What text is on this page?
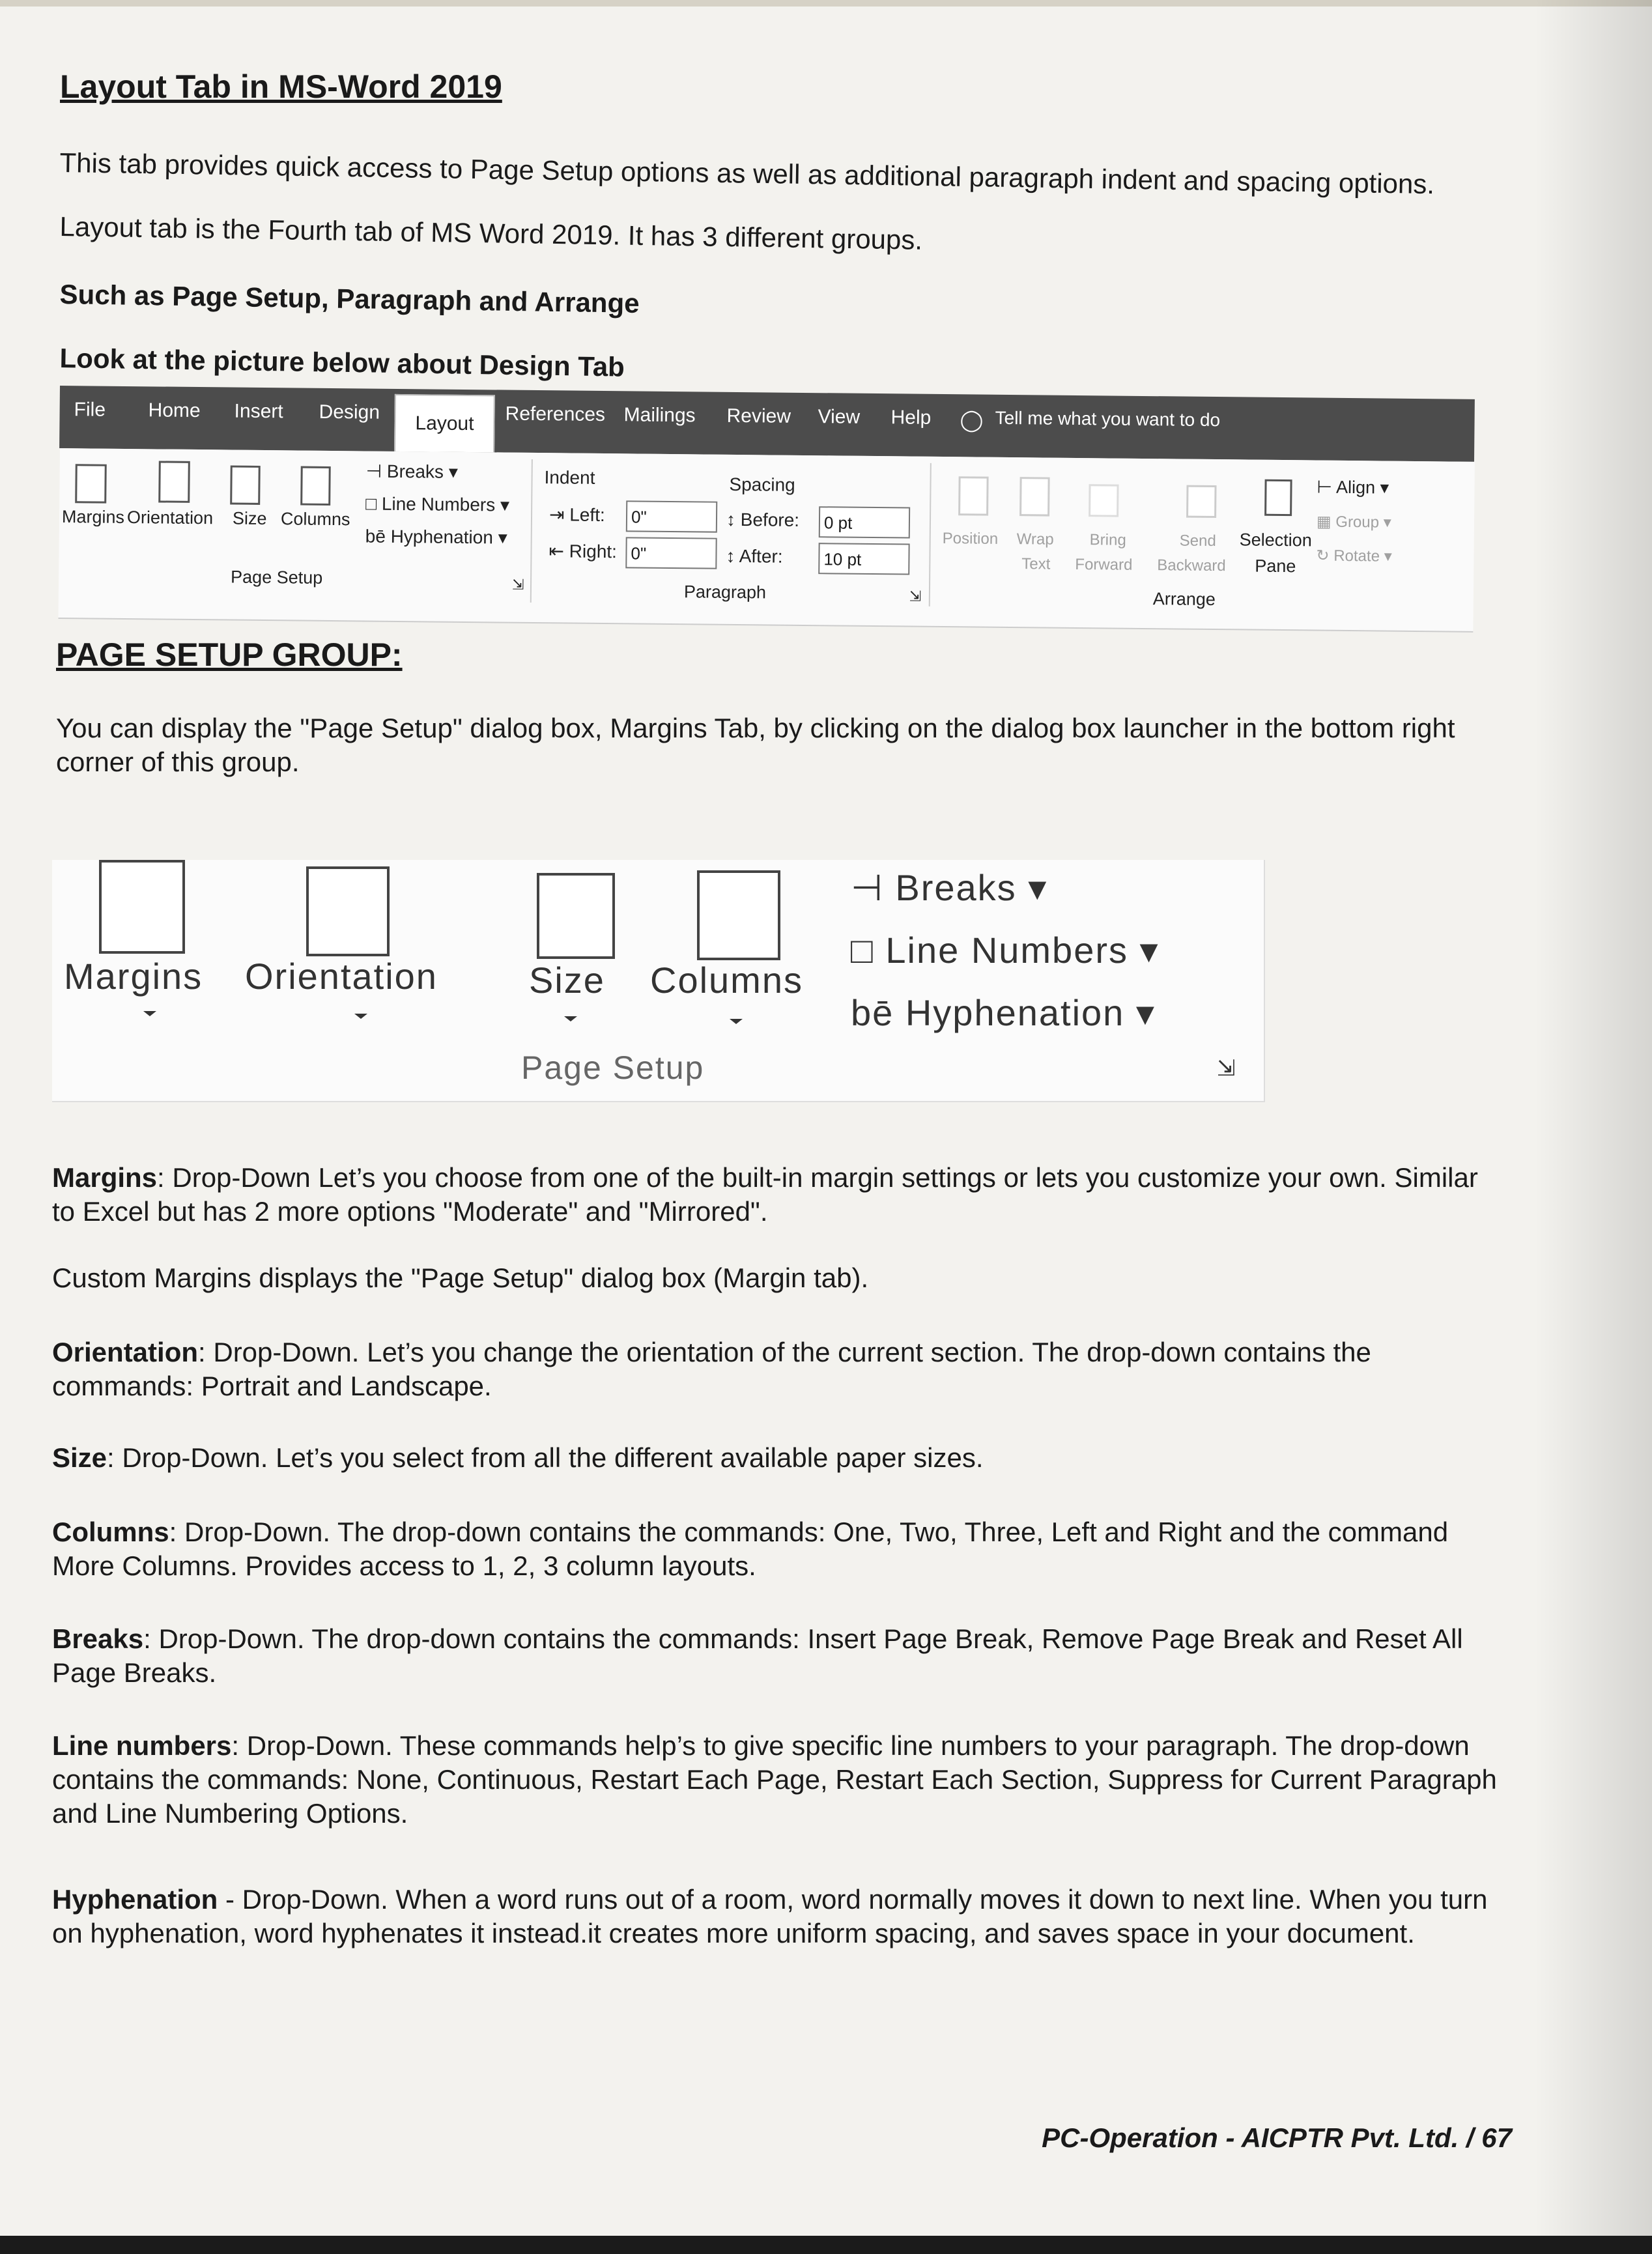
Layout Tab in MS-Word 2019
This tab provides quick access to Page Setup options as well as additional paragraph indent and spacing options.
Layout tab is the Fourth tab of MS Word 2019. It has 3 different groups.
Such as Page Setup, Paragraph and Arrange
Look at the picture below about Design Tab
File Home Insert Design
Layout	References Mailings Review View Help ◯ Tell me what you want to do
Margins Orientation Size Columns
⊣ Breaks ▾
□ Line Numbers ▾
bē Hyphenation ▾
Page Setup	⇲
Indent	Spacing
⇥ Left:	0"
⇤ Right: 0"
↕ Before:	0 pt
↕ After:	10 pt
Paragraph	⇲
Position Wrap
Text
Bring
Forward
Send
Backward
Selection
Pane
⊢ Align ▾
▦ Group ▾
↻ Rotate ▾
Arrange
PAGE SETUP GROUP:
You can display the "Page Setup" dialog box, Margins Tab, by clicking on the dialog box launcher in the bottom right corner of this group.
Margins Orientation	Size Columns
⊣ Breaks ▾
□ Line Numbers ▾
bē Hyphenation ▾
Page Setup	⇲
Margins: Drop-Down Let’s you choose from one of the built-in margin settings or lets you customize your own. Similar to Excel but has 2 more options "Moderate" and "Mirrored".
Custom Margins displays the "Page Setup" dialog box (Margin tab).
Orientation: Drop-Down. Let’s you change the orientation of the current section. The drop-down contains the commands: Portrait and Landscape.
Size: Drop-Down. Let’s you select from all the different available paper sizes.
Columns: Drop-Down. The drop-down contains the commands: One, Two, Three, Left and Right and the command More Columns. Provides access to 1, 2, 3 column layouts.
Breaks: Drop-Down. The drop-down contains the commands: Insert Page Break, Remove Page Break and Reset All Page Breaks.
Line numbers: Drop-Down. These commands help’s to give specific line numbers to your paragraph. The drop-down contains the commands: None, Continuous, Restart Each Page, Restart Each Section, Suppress for Current Paragraph and Line Numbering Options.
Hyphenation - Drop-Down. When a word runs out of a room, word normally moves it down to next line. When you turn on hyphenation, word hyphenates it instead.it creates more uniform spacing, and saves space in your document.
PC-Operation - AICPTR Pvt. Ltd. / 67
